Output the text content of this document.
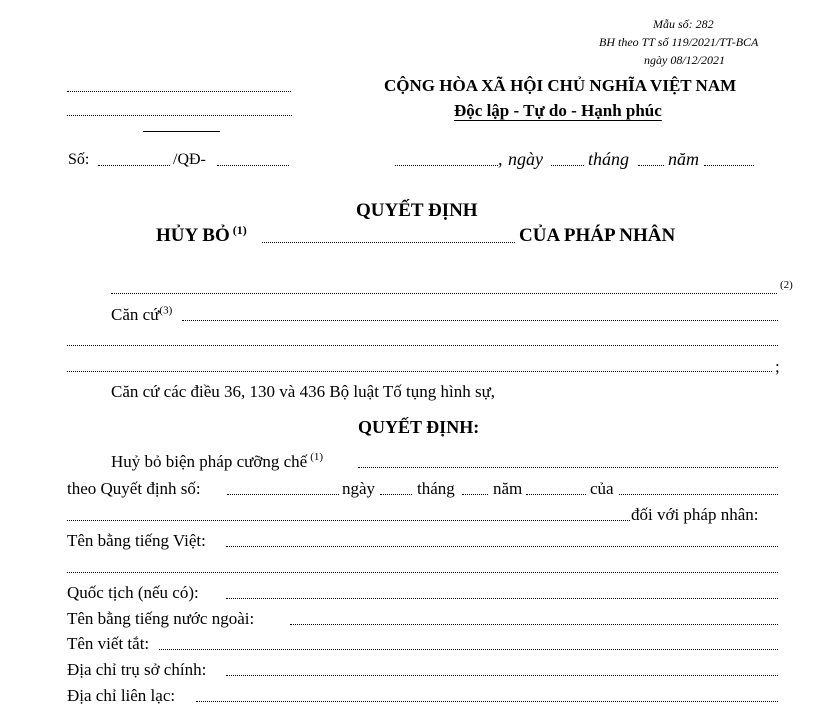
Mẫu số: 282
BH theo TT số 119/2021/TT-BCA
ngày 08/12/2021
CỘNG HÒA XÃ HỘI CHỦ NGHĨA VIỆT NAM
Độc lập - Tự do - Hạnh phúc
Số:	/QĐ-	, ngày	tháng năm
QUYẾT ĐỊNH
HỦY BỎ $^{(1)}$	CỦA PHÁP NHÂN
(2)
Căn cứ$^{(3)}$
;
Căn cứ các điều 36, 130 và 436 Bộ luật Tố tụng hình sự,
QUYẾT ĐỊNH:
Huỷ bỏ biện pháp cưỡng chế $^{(1)}$
theo Quyết định số:	ngày tháng năm	của
đối với pháp nhân:
Tên bằng tiếng Việt:
Quốc tịch (nếu có):
Tên bằng tiếng nước ngoài:
Tên viết tắt:
Địa chỉ trụ sở chính:
Địa chỉ liên lạc:
